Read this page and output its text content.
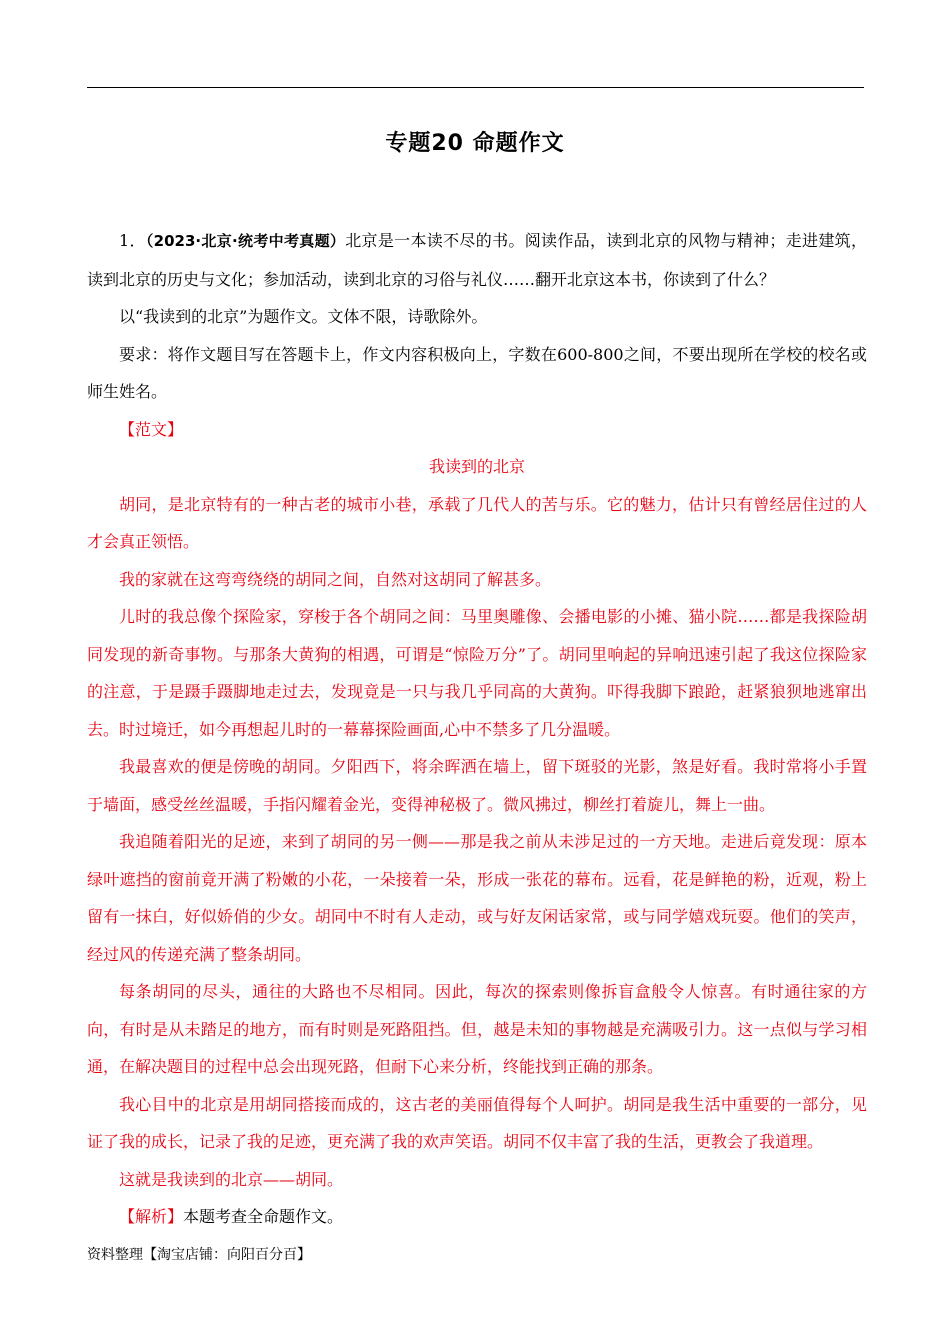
专题20 命题作文

1．（2023·北京·统考中考真题）北京是一本读不尽的书。阅读作品，读到北京的风物与精神；走进建筑，读到北京的历史与文化；参加活动，读到北京的习俗与礼仪……翻开北京这本书，你读到了什么？

以“我读到的北京”为题作文。文体不限，诗歌除外。

要求：将作文题目写在答题卡上，作文内容积极向上，字数在600-800之间，不要出现所在学校的校名或师生姓名。

【范文】

我读到的北京

胡同，是北京特有的一种古老的城市小巷，承载了几代人的苦与乐。它的魅力，估计只有曾经居住过的人才会真正领悟。

我的家就在这弯弯绕绕的胡同之间，自然对这胡同了解甚多。

儿时的我总像个探险家，穿梭于各个胡同之间：马里奥雕像、会播电影的小摊、猫小院……都是我探险胡同发现的新奇事物。与那条大黄狗的相遇，可谓是“惊险万分”了。胡同里响起的异响迅速引起了我这位探险家的注意，于是蹑手蹑脚地走过去，发现竟是一只与我几乎同高的大黄狗。吓得我脚下踉跄，赶紧狼狈地逃窜出去。时过境迁，如今再想起儿时的一幕幕探险画面,心中不禁多了几分温暖。

我最喜欢的便是傍晚的胡同。夕阳西下，将余晖洒在墙上，留下斑驳的光影，煞是好看。我时常将小手置于墙面，感受丝丝温暖，手指闪耀着金光，变得神秘极了。微风拂过，柳丝打着旋儿，舞上一曲。

我追随着阳光的足迹，来到了胡同的另一侧——那是我之前从未涉足过的一方天地。走进后竟发现：原本绿叶遮挡的窗前竟开满了粉嫩的小花，一朵接着一朵，形成一张花的幕布。远看，花是鲜艳的粉，近观，粉上留有一抹白，好似娇俏的少女。胡同中不时有人走动，或与好友闲话家常，或与同学嬉戏玩耍。他们的笑声，经过风的传递充满了整条胡同。

每条胡同的尽头，通往的大路也不尽相同。因此，每次的探索则像拆盲盒般令人惊喜。有时通往家的方向，有时是从未踏足的地方，而有时则是死路阻挡。但，越是未知的事物越是充满吸引力。这一点似与学习相通，在解决题目的过程中总会出现死路，但耐下心来分析，终能找到正确的那条。

我心目中的北京是用胡同搭接而成的，这古老的美丽值得每个人呵护。胡同是我生活中重要的一部分，见证了我的成长，记录了我的足迹，更充满了我的欢声笑语。胡同不仅丰富了我的生活，更教会了我道理。

这就是我读到的北京——胡同。

【解析】本题考查全命题作文。

资料整理【淘宝店铺：向阳百分百】
